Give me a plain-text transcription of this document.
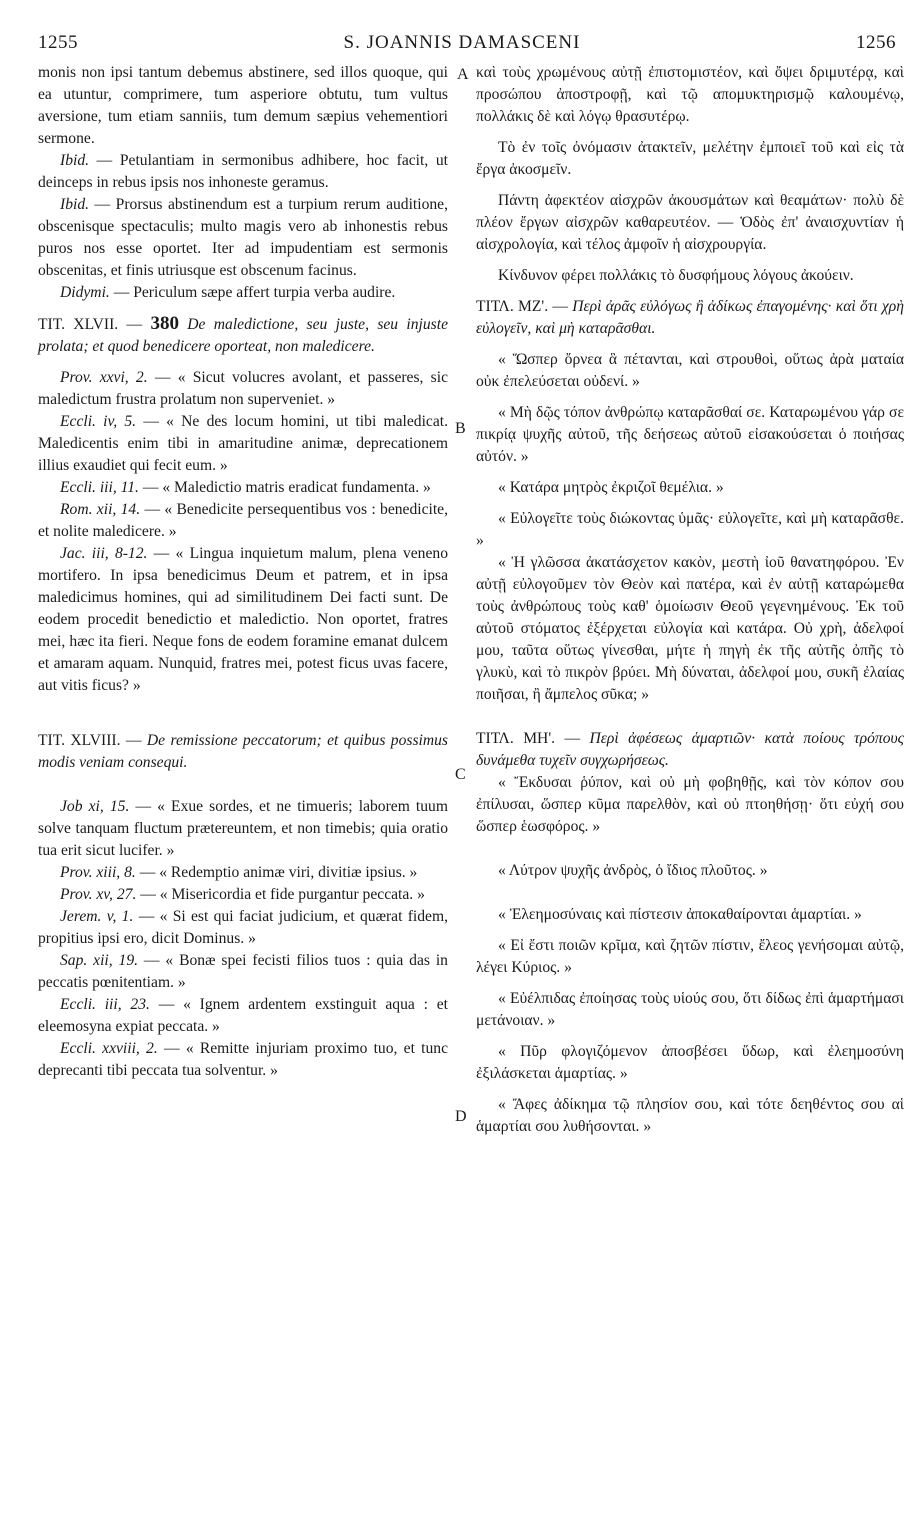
1255	S. JOANNIS DAMASCENI	1256
A
B
C
D

monis non ipsi tantum debemus abstinere, sed illos quoque, qui ea utuntur, comprimere, tum asperiore obtutu, tum vultus aversione, tum etiam sanniis, tum demum sæpius vehementiori sermone.

Ibid. — Petulantiam in sermonibus adhibere, hoc facit, ut deinceps in rebus ipsis nos inhoneste geramus.

Ibid. — Prorsus abstinendum est a turpium rerum auditione, obscenisque spectaculis; multo magis vero ab inhonestis rebus puros nos esse oportet. Iter ad impudentiam est sermonis obscenitas, et finis utriusque est obscenum facinus.

Didymi. — Periculum sæpe affert turpia verba audire.

TIT. XLVII. — 380 De maledictione, seu juste, seu injuste prolata; et quod benedicere oporteat, non maledicere.

Prov. xxvi, 2. — « Sicut volucres avolant, et passeres, sic maledictum frustra prolatum non superveniet. »

Eccli. iv, 5. — « Ne des locum homini, ut tibi maledicat. Maledicentis enim tibi in amaritudine animæ, deprecationem illius exaudiet qui fecit eum. »

Eccli. iii, 11. — « Maledictio matris eradicat fundamenta. »

Rom. xii, 14. — « Benedicite persequentibus vos : benedicite, et nolite maledicere. »

Jac. iii, 8-12. — « Lingua inquietum malum, plena veneno mortifero. In ipsa benedicimus Deum et patrem, et in ipsa maledicimus homines, qui ad similitudinem Dei facti sunt. De eodem procedit benedictio et maledictio. Non oportet, fratres mei, hæc ita fieri. Neque fons de eodem foramine emanat dulcem et amaram aquam. Nunquid, fratres mei, potest ficus uvas facere, aut vitis ficus? »

TIT. XLVIII. — De remissione peccatorum; et quibus possimus modis veniam consequi.

Job xi, 15. — « Exue sordes, et ne timueris; laborem tuum solve tanquam fluctum prætereuntem, et non timebis; quia oratio tua erit sicut lucifer. »

Prov. xiii, 8. — « Redemptio animæ viri, divitiæ ipsius. »

Prov. xv, 27. — « Misericordia et fide purgantur peccata. »

Jerem. v, 1. — « Si est qui faciat judicium, et quærat fidem, propitius ipsi ero, dicit Dominus. »

Sap. xii, 19. — « Bonæ spei fecisti filios tuos : quia das in peccatis pœnitentiam. »

Eccli. iii, 23. — « Ignem ardentem exstinguit aqua : et eleemosyna expiat peccata. »

Eccli. xxviii, 2. — « Remitte injuriam proximo tuo, et tunc deprecanti tibi peccata tua solventur. »

καὶ τοὺς χρωμένους αὐτῇ ἐπιστομιστέον, καὶ ὄψει δριμυτέρᾳ, καὶ προσώπου ἀποστροφῇ, καὶ τῷ απομυκτηρισμῷ καλουμένῳ, πολλάκις δὲ καὶ λόγῳ θρασυτέρῳ.

Τὸ ἐν τοῖς ὀνόμασιν ἀτακτεῖν, μελέτην ἐμποιεῖ τοῦ καὶ εἰς τὰ ἔργα ἀκοσμεῖν.

Πάντη ἀφεκτέον αἰσχρῶν ἀκουσμάτων καὶ θεαμάτων· πολὺ δὲ πλέον ἔργων αἰσχρῶν καθαρευτέον. — Ὁδὸς ἐπ' ἀναισχυντίαν ἡ αἰσχρολογία, καὶ τέλος ἀμφοῖν ἡ αἰσχρουργία.

Κίνδυνον φέρει πολλάκις τὸ δυσφήμους λόγους ἀκούειν.

ΤΙΤΛ. ΜΖ'. — Περὶ ἀρᾶς εὐλόγως ἢ ἀδίκως ἐπαγομένης· καὶ ὅτι χρὴ εὐλογεῖν, καὶ μὴ καταρᾶσθαι.

« Ὥσπερ ὄρνεα ἃ πέτανται, καὶ στρουθοὶ, οὕτως ἀρὰ ματαία οὐκ ἐπελεύσεται οὐδενί. »

« Μὴ δῷς τόπον ἀνθρώπῳ καταρᾶσθαί σε. Καταρωμένου γάρ σε πικρίᾳ ψυχῆς αὐτοῦ, τῆς δεήσεως αὐτοῦ εἰσακούσεται ὁ ποιήσας αὐτόν. »

« Κατάρα μητρὸς ἐκριζοῖ θεμέλια. »

« Εὐλογεῖτε τοὺς διώκοντας ὑμᾶς· εὐλογεῖτε, καὶ μὴ καταρᾶσθε. »

« Ἡ γλῶσσα ἀκατάσχετον κακὸν, μεστὴ ἰοῦ θανατηφόρου. Ἐν αὐτῇ εὐλογοῦμεν τὸν Θεὸν καὶ πατέρα, καὶ ἐν αὐτῇ καταρώμεθα τοὺς ἀνθρώπους τοὺς καθ' ὁμοίωσιν Θεοῦ γεγενημένους. Ἐκ τοῦ αὐτοῦ στόματος ἐξέρχεται εὐλογία καὶ κατάρα. Οὐ χρὴ, ἀδελφοί μου, ταῦτα οὕτως γίνεσθαι, μήτε ἡ πηγὴ ἐκ τῆς αὐτῆς ὀπῆς τὸ γλυκὺ, καὶ τὸ πικρὸν βρύει. Μὴ δύναται, ἀδελφοί μου, συκῆ ἐλαίας ποιῆσαι, ἢ ἄμπελος σῦκα; »

ΤΙΤΛ. ΜΗ'. — Περὶ ἀφέσεως ἁμαρτιῶν· κατὰ ποίους τρόπους δυνάμεθα τυχεῖν συγχωρήσεως.

« Ἔκδυσαι ῥύπον, καὶ οὐ μὴ φοβηθῇς, καὶ τὸν κόπον σου ἐπίλυσαι, ὥσπερ κῦμα παρελθὸν, καὶ οὐ πτοηθήσῃ· ὅτι εὐχή σου ὥσπερ ἑωσφόρος. »

« Λύτρον ψυχῆς ἀνδρὸς, ὁ ἴδιος πλοῦτος. »

« Ἐλεημοσύναις καὶ πίστεσιν ἀποκαθαίρονται ἁμαρτίαι. »

« Εἰ ἔστι ποιῶν κρῖμα, καὶ ζητῶν πίστιν, ἔλεος γενήσομαι αὐτῷ, λέγει Κύριος. »

« Εὐέλπιδας ἐποίησας τοὺς υἱούς σου, ὅτι δίδως ἐπὶ ἁμαρτήμασι μετάνοιαν. »

« Πῦρ φλογιζόμενον ἀποσβέσει ὕδωρ, καὶ ἐλεημοσύνη ἐξιλάσκεται ἁμαρτίας. »

« Ἄφες ἀδίκημα τῷ πλησίον σου, καὶ τότε δεηθέντος σου αἱ ἁμαρτίαι σου λυθήσονται. »
